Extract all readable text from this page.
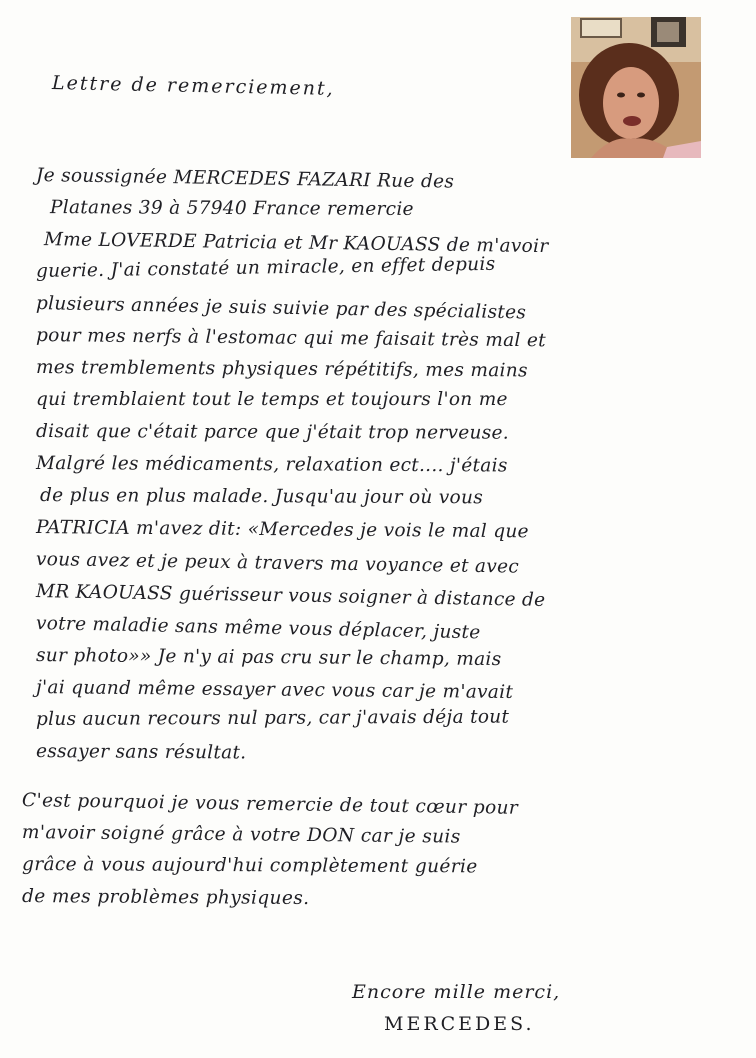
Lettre de remerciement,
Je soussignée MERCEDES FAZARI Rue des
Platanes 39 à 57940 France remercie
Mme LOVERDE Patricia et Mr KAOUASS de m'avoir
guerie. J'ai constaté un miracle, en effet depuis
plusieurs années je suis suivie par des spécialistes
pour mes nerfs à l'estomac qui me faisait très mal et
mes tremblements physiques répétitifs, mes mains
qui tremblaient tout le temps et toujours l'on me
disait que c'était parce que j'était trop nerveuse.
Malgré les médicaments, relaxation ect.... j'étais
de plus en plus malade. Jusqu'au jour où vous
PATRICIA m'avez dit: «Mercedes je vois le mal que
vous avez et je peux à travers ma voyance et avec
MR KAOUASS guérisseur vous soigner à distance de
votre maladie sans même vous déplacer, juste
sur photo»» Je n'y ai pas cru sur le champ, mais
j'ai quand même essayer avec vous car je m'avait
plus aucun recours nul pars, car j'avais déja tout
essayer sans résultat.
C'est pourquoi je vous remercie de tout cœur pour
m'avoir soigné grâce à votre DON car je suis
grâce à vous aujourd'hui complètement guérie
de mes problèmes physiques.
Encore mille merci,
MERCEDES.
